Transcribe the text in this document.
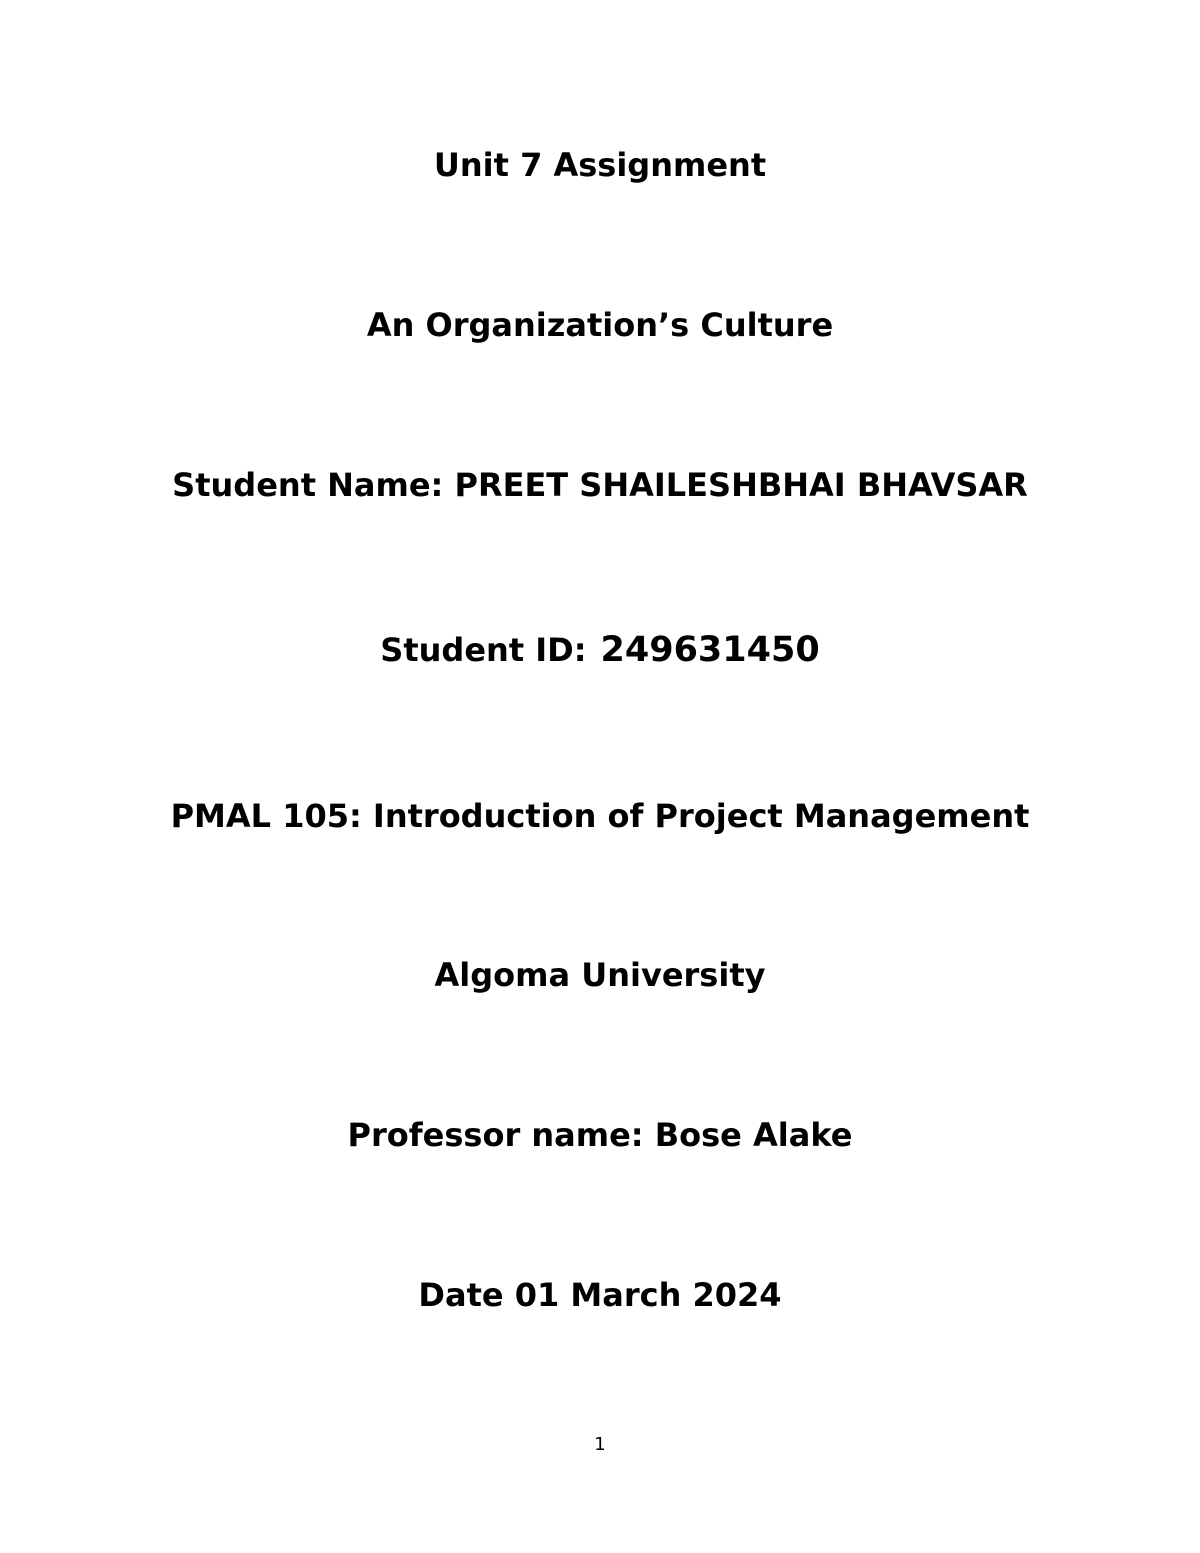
Unit 7 Assignment
An Organization’s Culture
Student Name: PREET SHAILESHBHAI BHAVSAR
Student ID: 249631450
PMAL 105: Introduction of Project Management
Algoma University
Professor name: Bose Alake
Date 01 March 2024
1
